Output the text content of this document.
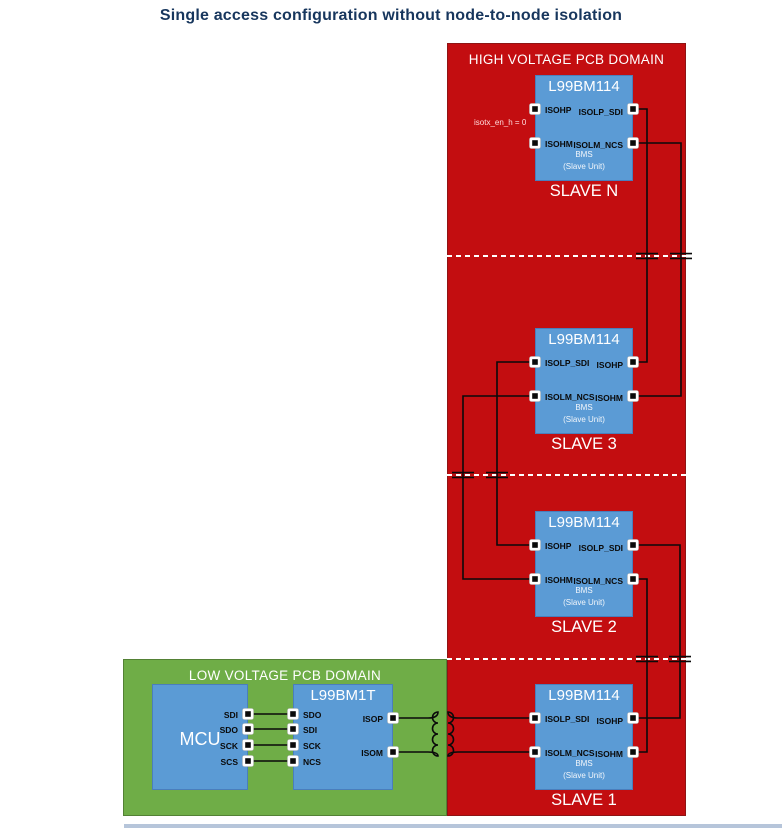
Single access configuration without node-to-node isolation
HIGH VOLTAGE PCB DOMAIN
LOW VOLTAGE PCB DOMAIN
L99BM114
ISOHP
ISOHM
ISOLP_SDI
ISOLM_NCS
BMS
(Slave Unit)
SLAVE N
isotx_en_h = 0
L99BM114
ISOLP_SDI
ISOLM_NCS
ISOHP
ISOHM
BMS
(Slave Unit)
SLAVE 3
L99BM114
ISOHP
ISOHM
ISOLP_SDI
ISOLM_NCS
BMS
(Slave Unit)
SLAVE 2
L99BM114
ISOLP_SDI
ISOLM_NCS
ISOHP
ISOHM
BMS
(Slave Unit)
SLAVE 1
MCU
SDI
SDO
SCK
SCS
L99BM1T
SDO
SDI
SCK
NCS
ISOP
ISOM
